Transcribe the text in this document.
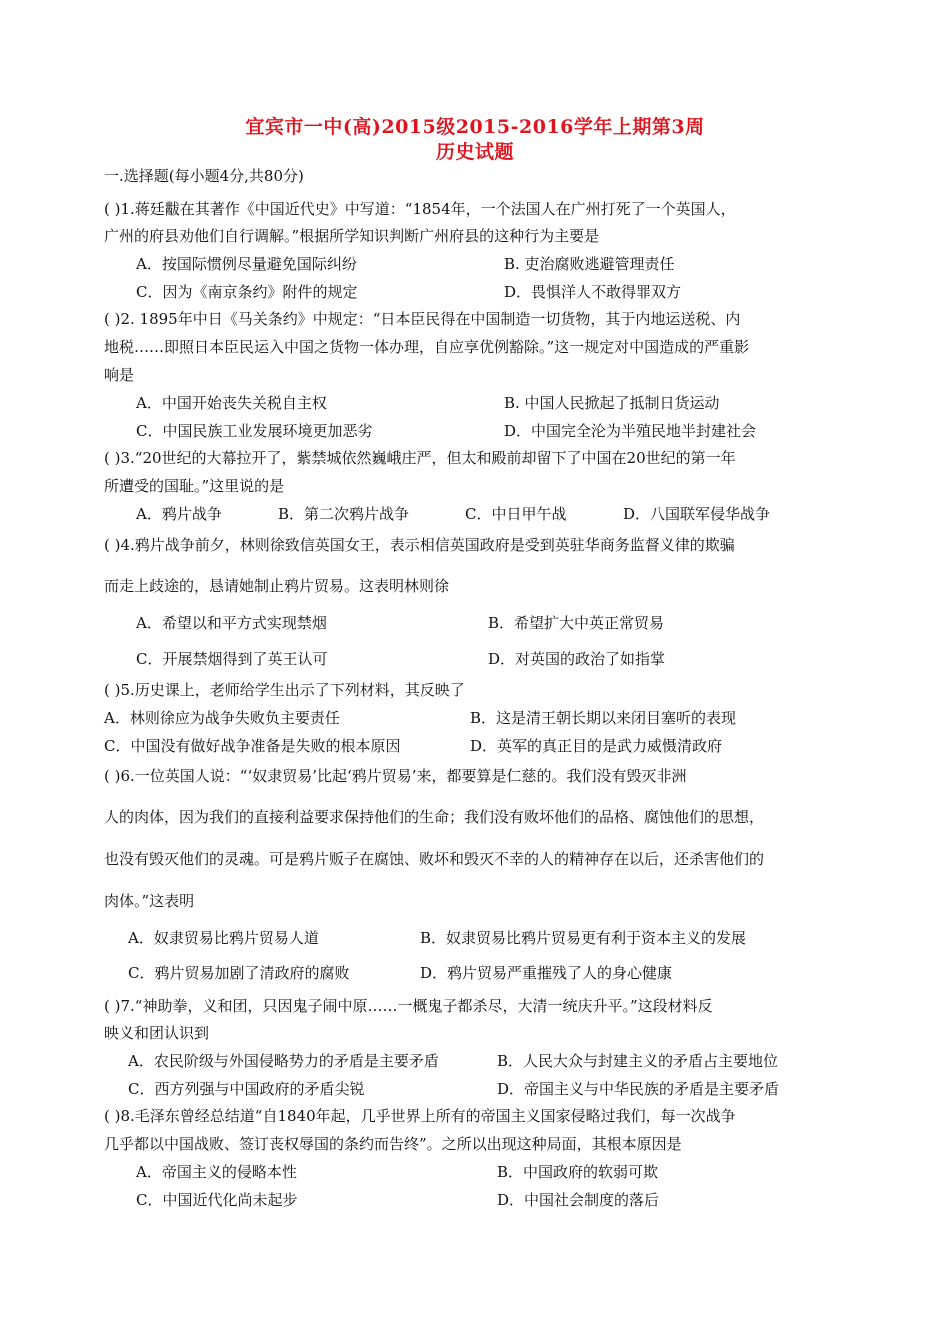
宜宾市一中(高)2015级2015-2016学年上期第3周
历史试题
一.选择题(每小题4分,共80分)
( )1.蒋廷黻在其著作《中国近代史》中写道：“1854年，一个法国人在广州打死了一个英国人，
广州的府县劝他们自行调解。”根据所学知识判断广州府县的这种行为主要是
A．按国际惯例尽量避免国际纠纷	B. 吏治腐败逃避管理责任
C．因为《南京条约》附件的规定	D．畏惧洋人不敢得罪双方
( )2. 1895年中日《马关条约》中规定：“日本臣民得在中国制造一切货物，其于内地运送税、内
地税……即照日本臣民运入中国之货物一体办理，自应享优例豁除。”这一规定对中国造成的严重影
响是
A．中国开始丧失关税自主权	B. 中国人民掀起了抵制日货运动
C．中国民族工业发展环境更加恶劣	D．中国完全沦为半殖民地半封建社会
( )3.“20世纪的大幕拉开了，紫禁城依然巍峨庄严，但太和殿前却留下了中国在20世纪的第一年
所遭受的国耻。”这里说的是
A．鸦片战争	B．第二次鸦片战争	C．中日甲午战	D．八国联军侵华战争
( )4.鸦片战争前夕，林则徐致信英国女王，表示相信英国政府是受到英驻华商务监督义律的欺骗
而走上歧途的，恳请她制止鸦片贸易。这表明林则徐
A．希望以和平方式实现禁烟	B．希望扩大中英正常贸易
C．开展禁烟得到了英王认可	D．对英国的政治了如指掌
( )5.历史课上，老师给学生出示了下列材料，其反映了
A．林则徐应为战争失败负主要责任	B．这是清王朝长期以来闭目塞听的表现
C．中国没有做好战争准备是失败的根本原因	D．英军的真正目的是武力威慑清政府
( )6.一位英国人说：“‘奴隶贸易’比起‘鸦片贸易’来，都要算是仁慈的。我们没有毁灭非洲
人的肉体，因为我们的直接利益要求保持他们的生命；我们没有败坏他们的品格、腐蚀他们的思想，
也没有毁灭他们的灵魂。可是鸦片贩子在腐蚀、败坏和毁灭不幸的人的精神存在以后，还杀害他们的
肉体。”这表明
A．奴隶贸易比鸦片贸易人道	B．奴隶贸易比鸦片贸易更有利于资本主义的发展
C．鸦片贸易加剧了清政府的腐败	D．鸦片贸易严重摧残了人的身心健康
( )7.“神助拳，义和团，只因鬼子闹中原……一概鬼子都杀尽，大清一统庆升平。”这段材料反
映义和团认识到
A．农民阶级与外国侵略势力的矛盾是主要矛盾	B．人民大众与封建主义的矛盾占主要地位
C．西方列强与中国政府的矛盾尖锐	D．帝国主义与中华民族的矛盾是主要矛盾
( )8.毛泽东曾经总结道“自1840年起，几乎世界上所有的帝国主义国家侵略过我们，每一次战争
几乎都以中国战败、签订丧权辱国的条约而告终”。之所以出现这种局面，其根本原因是
A．帝国主义的侵略本性	B．中国政府的软弱可欺
C．中国近代化尚未起步	D．中国社会制度的落后
